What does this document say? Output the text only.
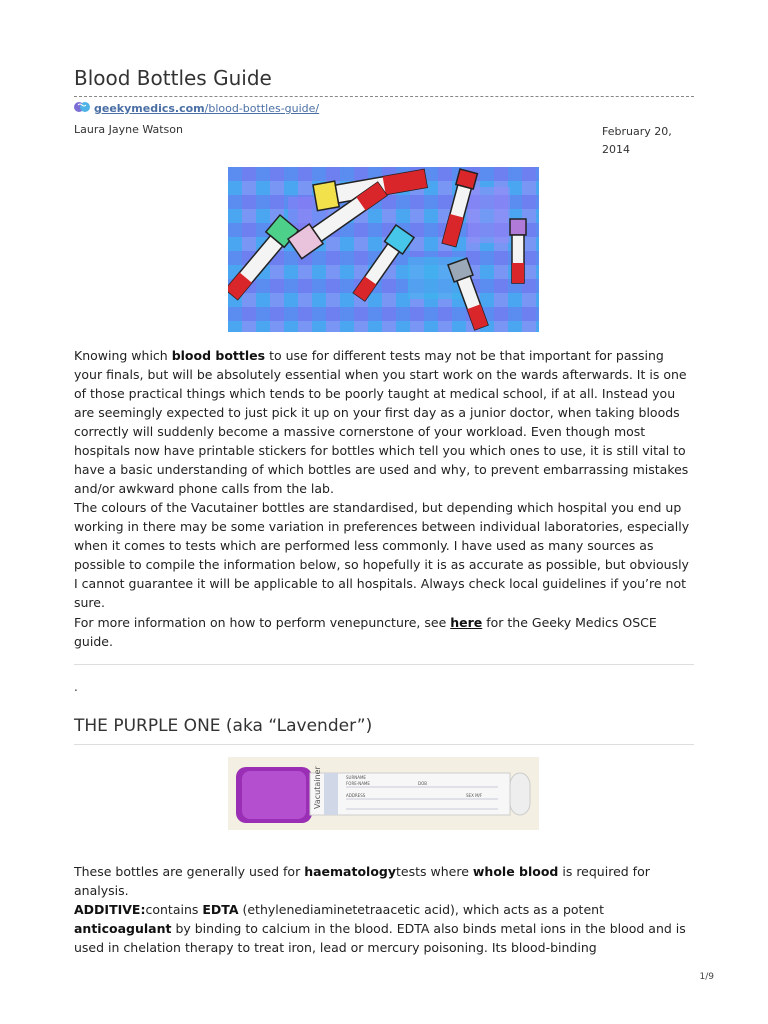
Blood Bottles Guide
geekymedics.com/blood-bottles-guide/
Laura Jayne Watson	February 20, 2014

Knowing which blood bottles to use for different tests may not be that important for passing your finals, but will be absolutely essential when you start work on the wards afterwards. It is one of those practical things which tends to be poorly taught at medical school, if at all. Instead you are seemingly expected to just pick it up on your first day as a junior doctor, when taking bloods correctly will suddenly become a massive cornerstone of your workload. Even though most hospitals now have printable stickers for bottles which tell you which ones to use, it is still vital to have a basic understanding of which bottles are used and why, to prevent embarrassing mistakes and/or awkward phone calls from the lab.

The colours of the Vacutainer bottles are standardised, but depending which hospital you end up working in there may be some variation in preferences between individual laboratories, especially when it comes to tests which are performed less commonly. I have used as many sources as possible to compile the information below, so hopefully it is as accurate as possible, but obviously I cannot guarantee it will be applicable to all hospitals. Always check local guidelines if you’re not sure.

For more information on how to perform venepuncture, see here for the Geeky Medics OSCE guide.

.
THE PURPLE ONE (aka “Lavender”)
Vacutainer	FORE-NAME
ADDRESS
SURNAME
DOB
SEX M/F

These bottles are generally used for haematologytests where whole blood is required for analysis.

ADDITIVE:contains EDTA (ethylenediaminetetraacetic acid), which acts as a potent anticoagulant by binding to calcium in the blood. EDTA also binds metal ions in the blood and is used in chelation therapy to treat iron, lead or mercury poisoning. Its blood-binding

1/9
